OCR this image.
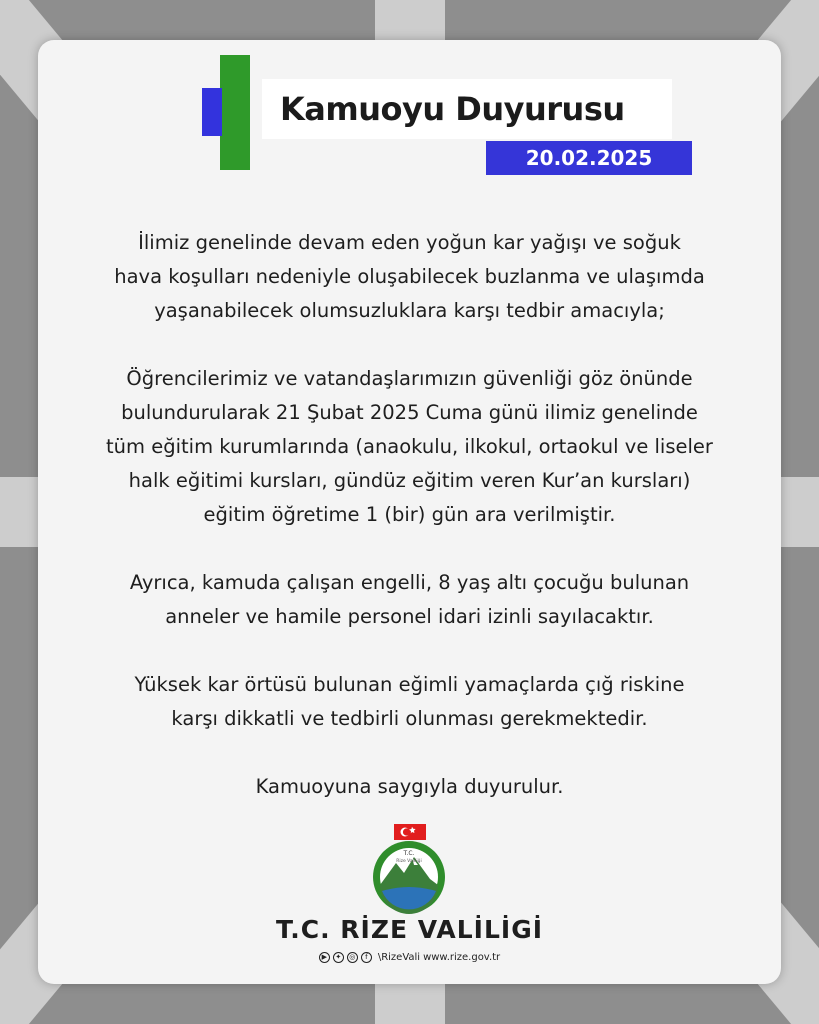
Kamuoyu Duyurusu
20.02.2025

İlimiz genelinde devam eden yoğun kar yağışı ve soğuk
hava koşulları nedeniyle oluşabilecek buzlanma ve ulaşımda
yaşanabilecek olumsuzluklara karşı tedbir amacıyla;

Öğrencilerimiz ve vatandaşlarımızın güvenliği göz önünde
bulundurularak 21 Şubat 2025 Cuma günü ilimiz genelinde
tüm eğitim kurumlarında (anaokulu, ilkokul, ortaokul ve liseler
halk eğitimi kursları, gündüz eğitim veren Kur’an kursları)
eğitim öğretime 1 (bir) gün ara verilmiştir.

Ayrıca, kamuda çalışan engelli, 8 yaş altı çocuğu bulunan
anneler ve hamile personel idari izinli sayılacaktır.

Yüksek kar örtüsü bulunan eğimli yamaçlarda çığ riskine
karşı dikkatli ve tedbirli olunması gerekmektedir.

Kamuoyuna saygıyla duyurulur.

T.C.
Rize Valiliği
T.C. RİZE VALİLİGİ
▶	✦	◎	f	\RizeVali www.rize.gov.tr
